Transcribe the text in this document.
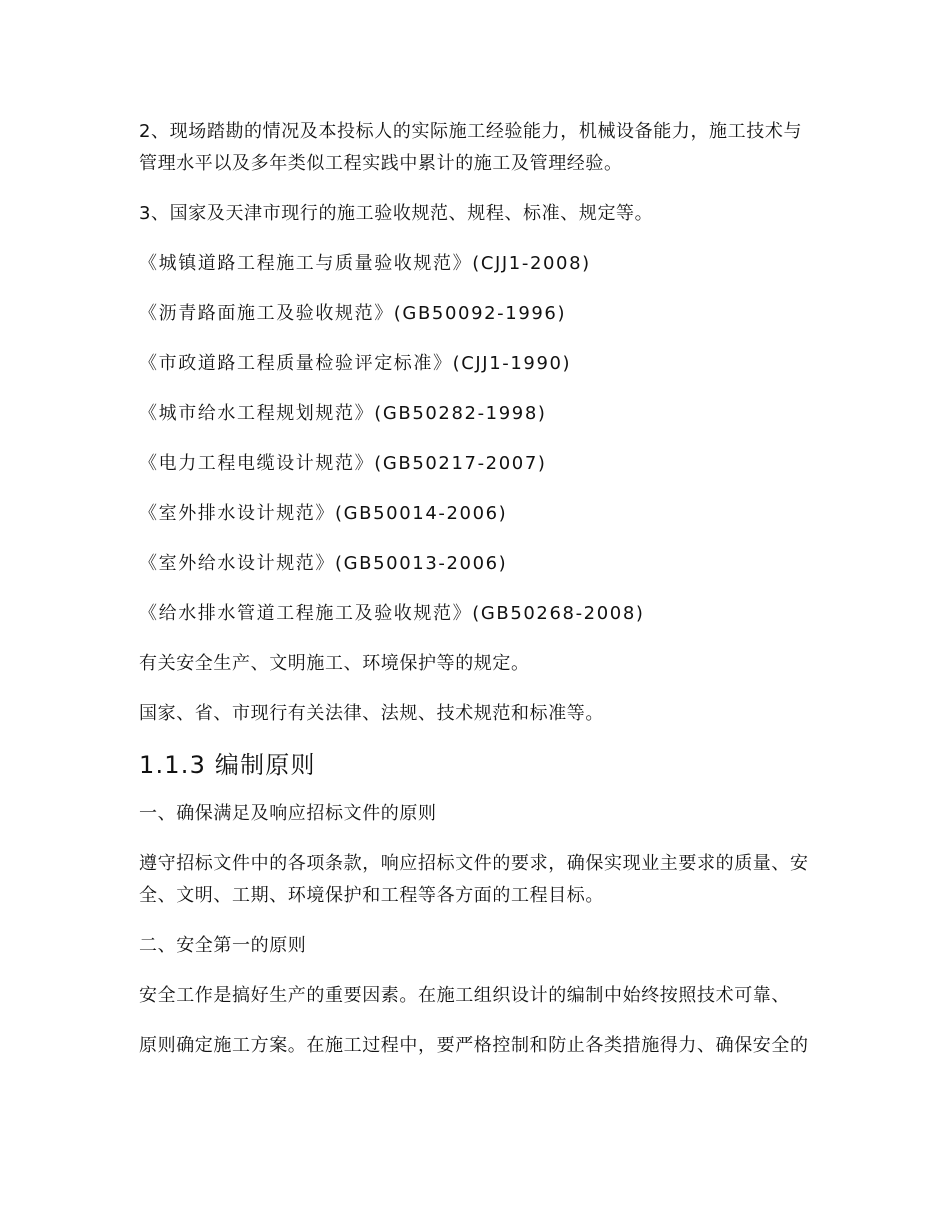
2、现场踏勘的情况及本投标人的实际施工经验能力，机械设备能力，施工技术与管理水平以及多年类似工程实践中累计的施工及管理经验。

3、国家及天津市现行的施工验收规范、规程、标准、规定等。

《城镇道路工程施工与质量验收规范》(CJJ1-2008)

《沥青路面施工及验收规范》(GB50092-1996)

《市政道路工程质量检验评定标准》(CJJ1-1990)

《城市给水工程规划规范》(GB50282-1998)

《电力工程电缆设计规范》(GB50217-2007)

《室外排水设计规范》(GB50014-2006)

《室外给水设计规范》(GB50013-2006)

《给水排水管道工程施工及验收规范》(GB50268-2008)

有关安全生产、文明施工、环境保护等的规定。

国家、省、市现行有关法律、法规、技术规范和标准等。

1.1.3 编制原则

一、确保满足及响应招标文件的原则

遵守招标文件中的各项条款，响应招标文件的要求，确保实现业主要求的质量、安全、文明、工期、环境保护和工程等各方面的工程目标。

二、安全第一的原则

安全工作是搞好生产的重要因素。在施工组织设计的编制中始终按照技术可靠、

原则确定施工方案。在施工过程中，要严格控制和防止各类措施得力、确保安全的
